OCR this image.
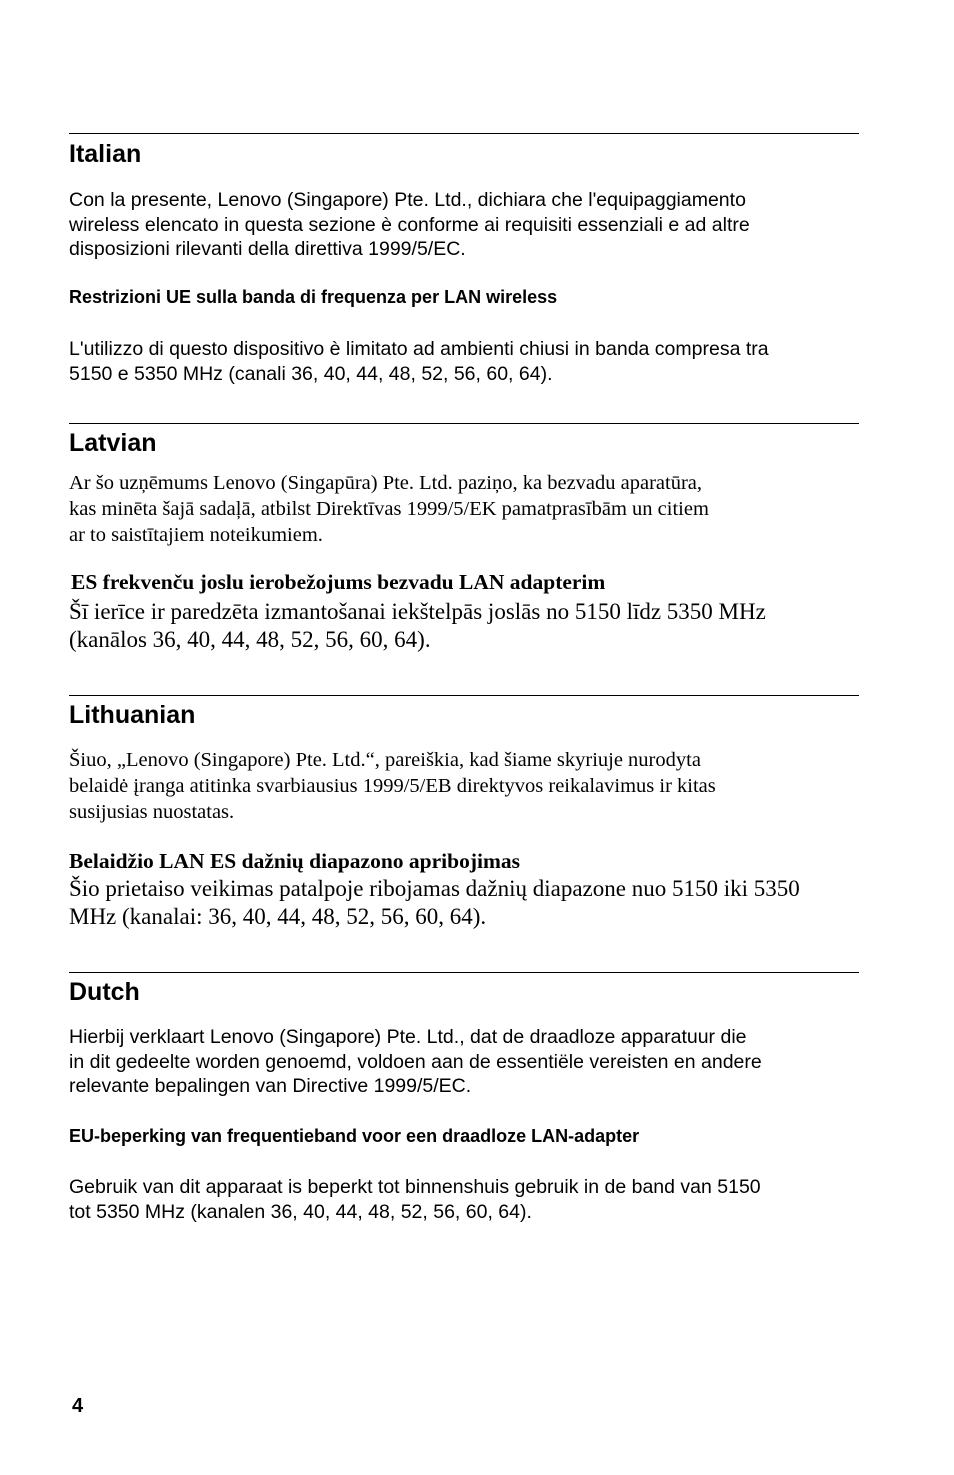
Italian

Con la presente, Lenovo (Singapore) Pte. Ltd., dichiara che l'equipaggiamento
wireless elencato in questa sezione è conforme ai requisiti essenziali e ad altre
disposizioni rilevanti della direttiva 1999/5/EC.

Restrizioni UE sulla banda di frequenza per LAN wireless

L'utilizzo di questo dispositivo è limitato ad ambienti chiusi in banda compresa tra
5150 e 5350 MHz (canali 36, 40, 44, 48, 52, 56, 60, 64).

Latvian

Ar šo uzņēmums Lenovo (Singapūra) Pte. Ltd. paziņo, ka bezvadu aparatūra,
kas minēta šajā sadaļā, atbilst Direktīvas 1999/5/EK pamatprasībām un citiem
ar to saistītajiem noteikumiem.

ES frekvenču joslu ierobežojums bezvadu LAN adapterim

Šī ierīce ir paredzēta izmantošanai iekštelpās joslās no 5150 līdz 5350 MHz
(kanālos 36, 40, 44, 48, 52, 56, 60, 64).

Lithuanian

Šiuo, „Lenovo (Singapore) Pte. Ltd.“, pareiškia, kad šiame skyriuje nurodyta
belaidė įranga atitinka svarbiausius 1999/5/EB direktyvos reikalavimus ir kitas
susijusias nuostatas.

Belaidžio LAN ES dažnių diapazono apribojimas

Šio prietaiso veikimas patalpoje ribojamas dažnių diapazone nuo 5150 iki 5350
MHz (kanalai: 36, 40, 44, 48, 52, 56, 60, 64).

Dutch

Hierbij verklaart Lenovo (Singapore) Pte. Ltd., dat de draadloze apparatuur die
in dit gedeelte worden genoemd, voldoen aan de essentiële vereisten en andere
relevante bepalingen van Directive 1999/5/EC.

EU-beperking van frequentieband voor een draadloze LAN-adapter

Gebruik van dit apparaat is beperkt tot binnenshuis gebruik in de band van 5150
tot 5350 MHz (kanalen 36, 40, 44, 48, 52, 56, 60, 64).

4
